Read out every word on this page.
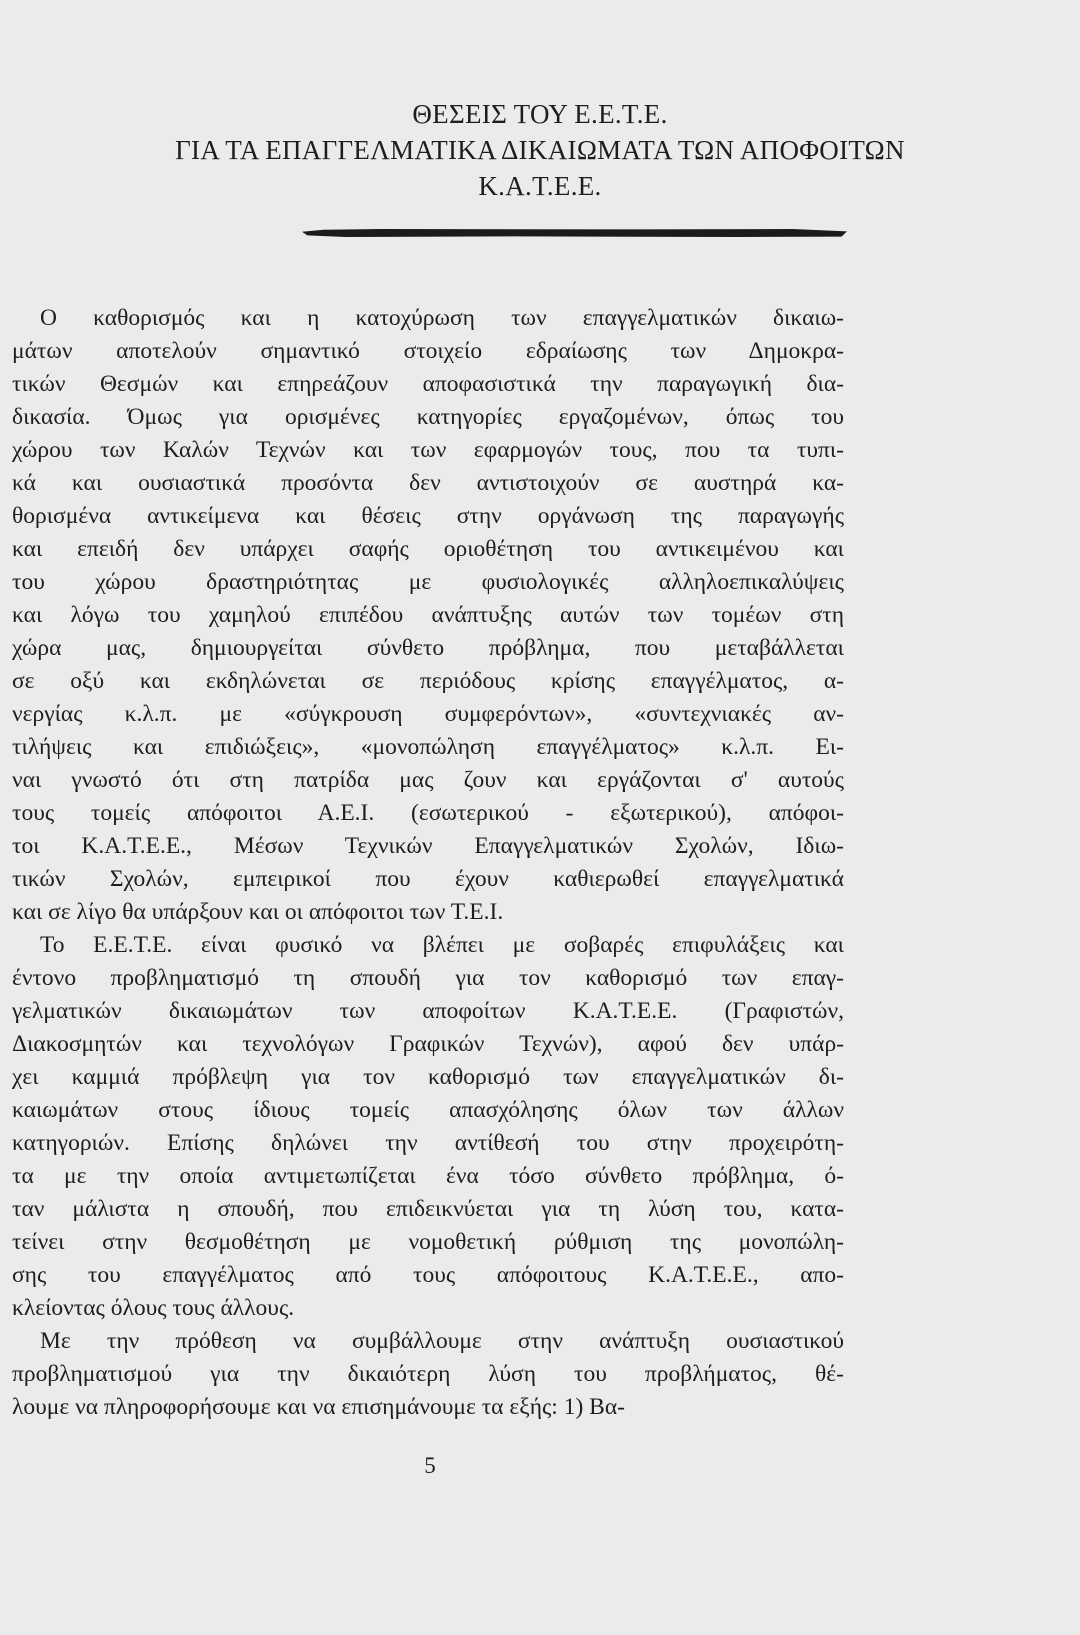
ΘΕΣΕΙΣ ΤΟΥ Ε.Ε.Τ.Ε.
ΓΙΑ ΤΑ ΕΠΑΓΓΕΛΜΑΤΙΚΑ ΔΙΚΑΙΩΜΑΤΑ ΤΩΝ ΑΠΟΦΟΙΤΩΝ
Κ.Α.Τ.Ε.Ε.

Ο καθορισμός και η κατοχύρωση των επαγγελματικών δικαιω-
μάτων αποτελούν σημαντικό στοιχείο εδραίωσης των Δημοκρα-
τικών Θεσμών και επηρεάζουν αποφασιστικά την παραγωγική δια-
δικασία. Όμως για ορισμένες κατηγορίες εργαζομένων, όπως του
χώρου των Καλών Τεχνών και των εφαρμογών τους, που τα τυπι-
κά και ουσιαστικά προσόντα δεν αντιστοιχούν σε αυστηρά κα-
θορισμένα αντικείμενα και θέσεις στην οργάνωση της παραγωγής
και επειδή δεν υπάρχει σαφής οριοθέτηση του αντικειμένου και
του χώρου δραστηριότητας με φυσιολογικές αλληλοεπικαλύψεις
και λόγω του χαμηλού επιπέδου ανάπτυξης αυτών των τομέων στη
χώρα μας, δημιουργείται σύνθετο πρόβλημα, που μεταβάλλεται
σε οξύ και εκδηλώνεται σε περιόδους κρίσης επαγγέλματος, α-
νεργίας κ.λ.π. με «σύγκρουση συμφερόντων», «συντεχνιακές αν-
τιλήψεις και επιδιώξεις», «μονοπώληση επαγγέλματος» κ.λ.π. Ει-
ναι γνωστό ότι στη πατρίδα μας ζουν και εργάζονται σ' αυτούς
τους τομείς απόφοιτοι Α.Ε.Ι. (εσωτερικού - εξωτερικού), απόφοι-
τοι Κ.Α.Τ.Ε.Ε., Μέσων Τεχνικών Επαγγελματικών Σχολών, Ιδιω-
τικών Σχολών, εμπειρικοί που έχουν καθιερωθεί επαγγελματικά
και σε λίγο θα υπάρξουν και οι απόφοιτοι των Τ.Ε.Ι.

Το Ε.Ε.Τ.Ε. είναι φυσικό να βλέπει με σοβαρές επιφυλάξεις και
έντονο προβληματισμό τη σπουδή για τον καθορισμό των επαγ-
γελματικών δικαιωμάτων των αποφοίτων Κ.Α.Τ.Ε.Ε. (Γραφιστών,
Διακοσμητών και τεχνολόγων Γραφικών Τεχνών), αφού δεν υπάρ-
χει καμμιά πρόβλεψη για τον καθορισμό των επαγγελματικών δι-
καιωμάτων στους ίδιους τομείς απασχόλησης όλων των άλλων
κατηγοριών. Επίσης δηλώνει την αντίθεσή του στην προχειρότη-
τα με την οποία αντιμετωπίζεται ένα τόσο σύνθετο πρόβλημα, ό-
ταν μάλιστα η σπουδή, που επιδεικνύεται για τη λύση του, κατα-
τείνει στην θεσμοθέτηση με νομοθετική ρύθμιση της μονοπώλη-
σης του επαγγέλματος από τους απόφοιτους Κ.Α.Τ.Ε.Ε., απο-
κλείοντας όλους τους άλλους.

Με την πρόθεση να συμβάλλουμε στην ανάπτυξη ουσιαστικού
προβληματισμού για την δικαιότερη λύση του προβλήματος, θέ-
λουμε να πληροφορήσουμε και να επισημάνουμε τα εξής: 1) Βα-

5
